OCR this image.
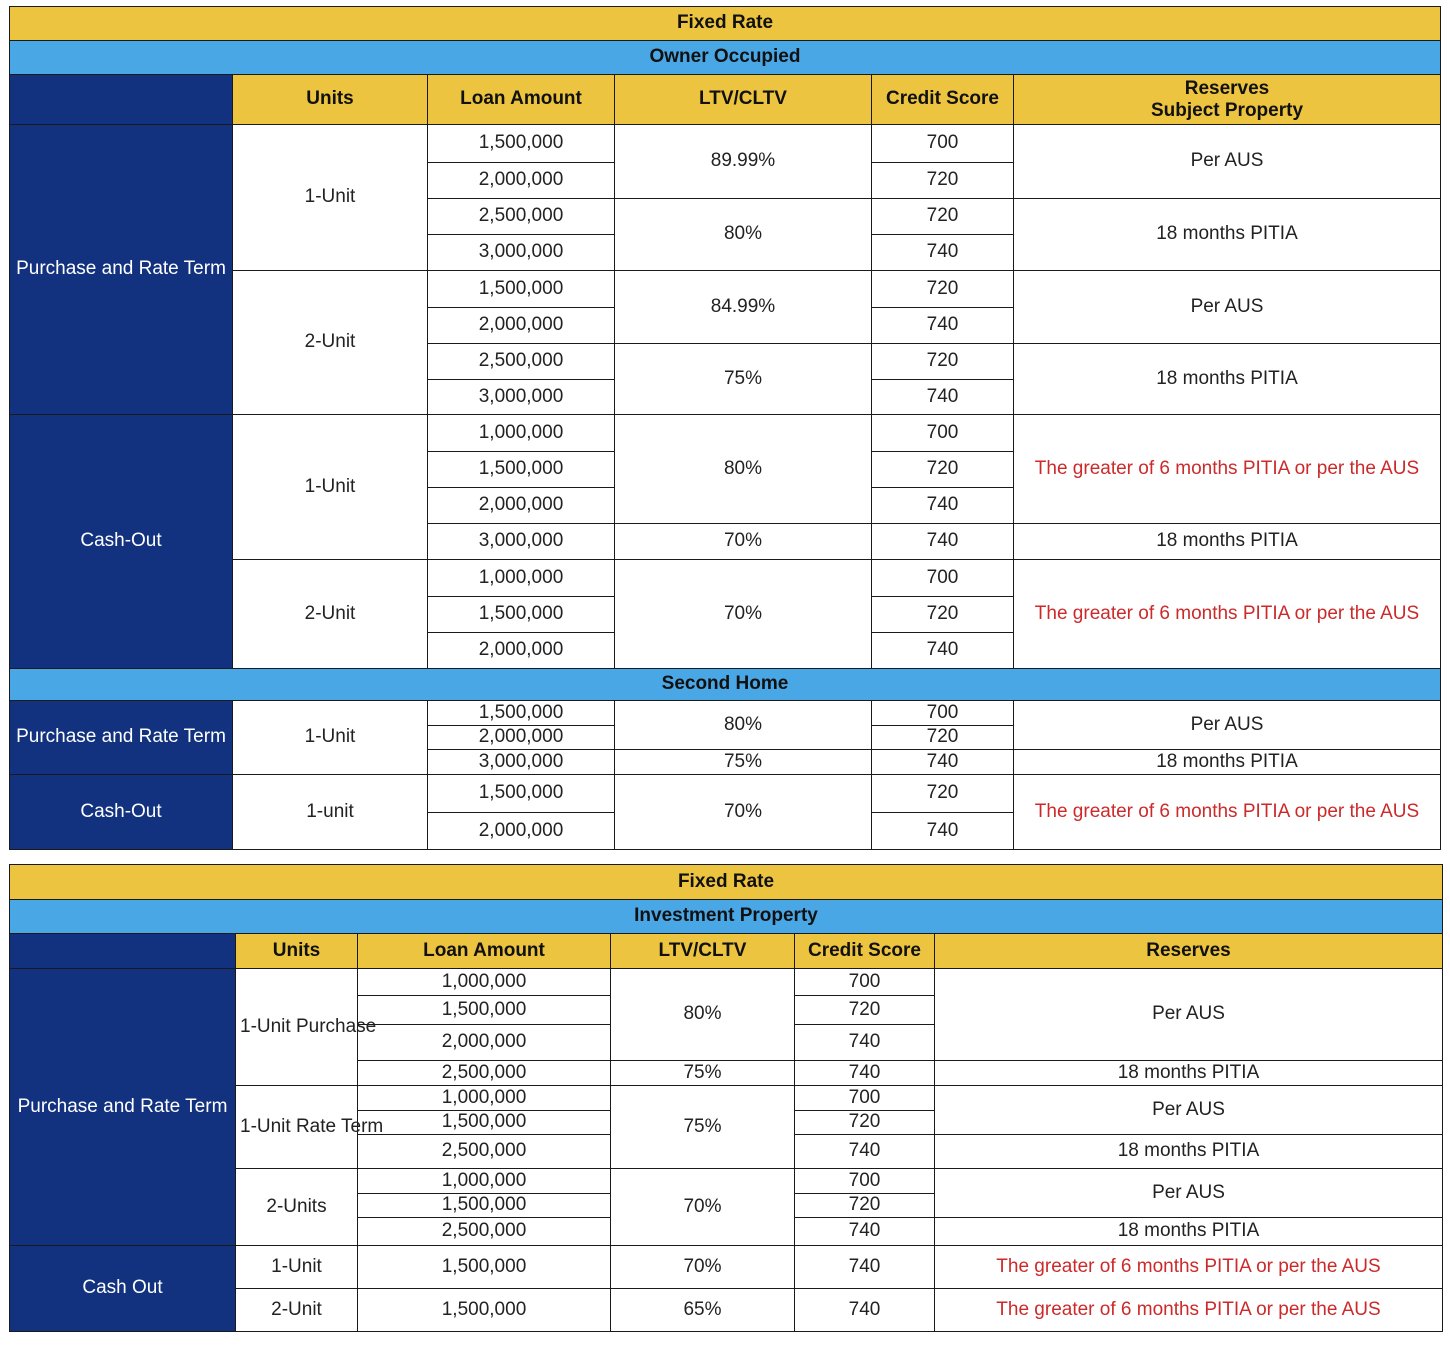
Fixed Rate					
Owner Occupied					
	Units	Loan Amount	LTV/CLTV	Credit Score	Reserves
Subject Property

Purchase and Rate Term	1-Unit	1,500,000	89.99%	700	Per AUS
		2,000,000		720	
		2,500,000	80%	720	18 months PITIA
		3,000,000		740	
	2-Unit	1,500,000	84.99%	720	Per AUS
		2,000,000		740	
		2,500,000	75%	720	18 months PITIA
		3,000,000		740	
Cash-Out	1-Unit	1,000,000	80%	700	The greater of 6 months PITIA or per the AUS
		1,500,000		720	
		2,000,000		740	
		3,000,000	70%	740	18 months PITIA
	2-Unit	1,000,000	70%	700	The greater of 6 months PITIA or per the AUS
		1,500,000		720	
		2,000,000		740	
Second Home					
Purchase and Rate Term	1-Unit	1,500,000	80%	700	Per AUS
		2,000,000		720	
		3,000,000	75%	740	18 months PITIA
Cash-Out	1-unit	1,500,000	70%	720	The greater of 6 months PITIA or per the AUS
		2,000,000		740	
Fixed Rate					
Investment Property					
	Units	Loan Amount	LTV/CLTV	Credit Score	Reserves
Purchase and Rate Term	1-Unit Purchase	1,000,000	80%	700	Per AUS
		1,500,000		720	
		2,000,000		740	
		2,500,000	75%	740	18 months PITIA
	1-Unit Rate Term	1,000,000	75%	700	Per AUS
		1,500,000		720	
		2,500,000		740	18 months PITIA
	2-Units	1,000,000	70%	700	Per AUS
		1,500,000		720	
		2,500,000		740	18 months PITIA
Cash Out	1-Unit	1,500,000	70%	740	The greater of 6 months PITIA or per the AUS
	2-Unit	1,500,000	65%	740	The greater of 6 months PITIA or per the AUS
